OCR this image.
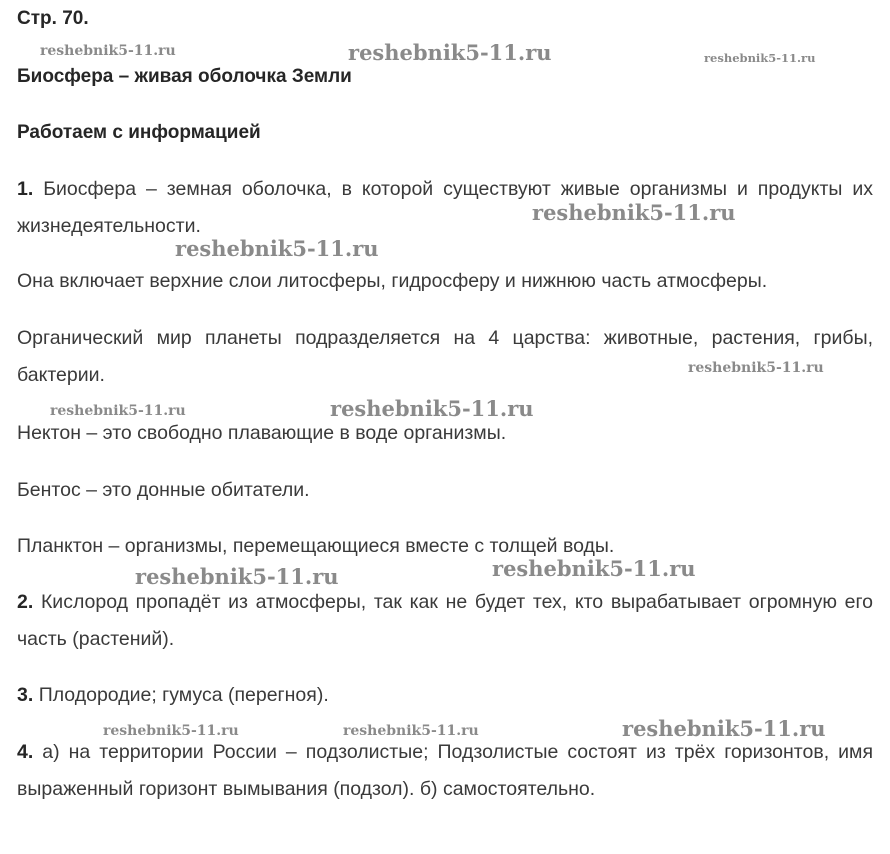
Стр. 70.
Биосфера – живая оболочка Земли
Работаем с информацией
1. Биосфера – земная оболочка, в которой существуют живые организмы и продукты их жизнедеятельности.
Она включает верхние слои литосферы, гидросферу и нижнюю часть атмосферы.
Органический мир планеты подразделяется на 4 царства: животные, растения, грибы, бактерии.
Нектон – это свободно плавающие в воде организмы.
Бентос – это донные обитатели.
Планктон – организмы, перемещающиеся вместе с толщей воды.
2. Кислород пропадёт из атмосферы, так как не будет тех, кто вырабатывает огромную его часть (растений).
3. Плодородие; гумуса (перегноя).
4. а) на территории России – подзолистые; Подзолистые состоят из трёх горизонтов, имя выраженный горизонт вымывания (подзол). б) самостоятельно.
reshebnik5-11.ru	reshebnik5-11.ru	reshebnik5-11.ru
reshebnik5-11.ru
reshebnik5-11.ru
reshebnik5-11.ru
reshebnik5-11.ru	reshebnik5-11.ru
reshebnik5-11.ru
reshebnik5-11.ru
reshebnik5-11.ru	reshebnik5-11.ru	reshebnik5-11.ru
